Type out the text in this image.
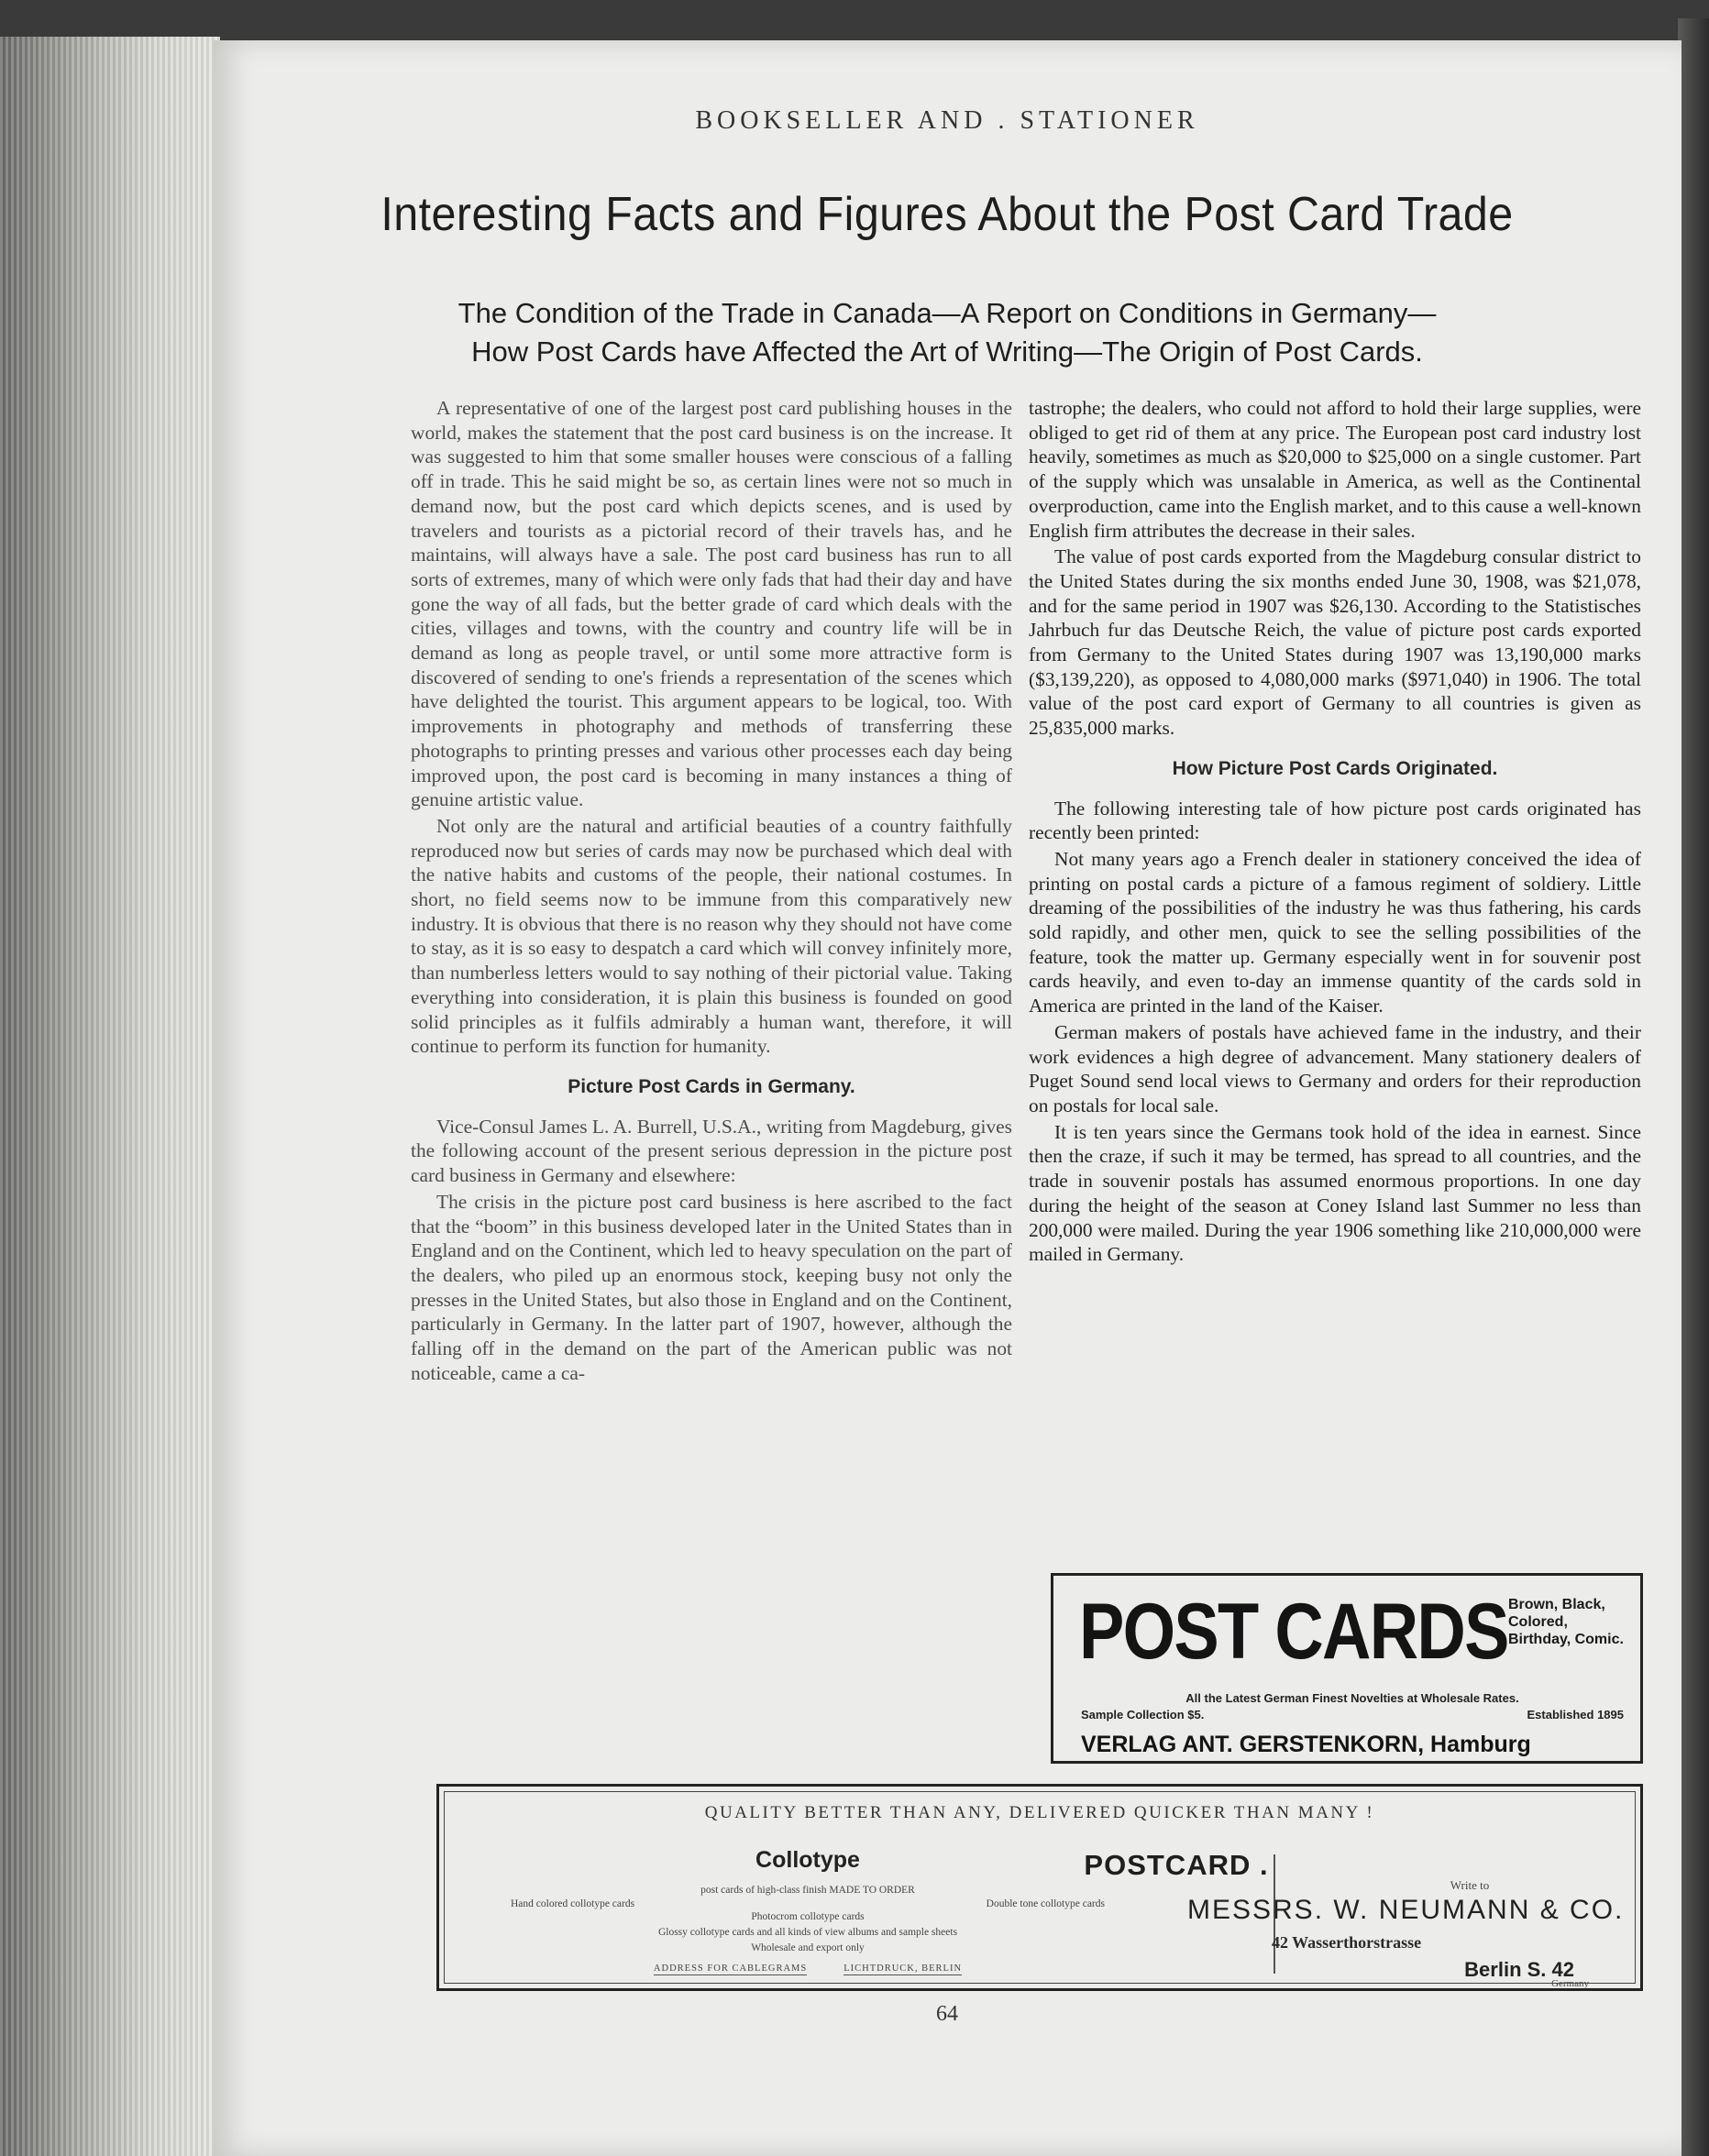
BOOKSELLER AND . STATIONER
Interesting Facts and Figures About the Post Card Trade
The Condition of the Trade in Canada—A Report on Conditions in Germany—
How Post Cards have Affected the Art of Writing—The Origin of Post Cards.

A representative of one of the largest post card publishing houses in the world, makes the statement that the post card business is on the increase. It was suggested to him that some smaller houses were conscious of a falling off in trade. This he said might be so, as certain lines were not so much in demand now, but the post card which depicts scenes, and is used by travelers and tourists as a pictorial record of their travels has, and he maintains, will always have a sale. The post card business has run to all sorts of extremes, many of which were only fads that had their day and have gone the way of all fads, but the better grade of card which deals with the cities, villages and towns, with the country and country life will be in demand as long as people travel, or until some more attractive form is discovered of sending to one's friends a representation of the scenes which have delighted the tourist. This argument appears to be logical, too. With improvements in photography and methods of transferring these photographs to printing presses and various other processes each day being improved upon, the post card is becoming in many instances a thing of genuine artistic value.

Not only are the natural and artificial beauties of a country faithfully reproduced now but series of cards may now be purchased which deal with the native habits and customs of the people, their national costumes. In short, no field seems now to be immune from this comparatively new industry. It is obvious that there is no reason why they should not have come to stay, as it is so easy to despatch a card which will convey infinitely more, than numberless letters would to say nothing of their pictorial value. Taking everything into consideration, it is plain this business is founded on good solid principles as it fulfils admirably a human want, therefore, it will continue to perform its function for humanity.

Picture Post Cards in Germany.

Vice-Consul James L. A. Burrell, U.S.A., writing from Magdeburg, gives the following account of the present serious depression in the picture post card business in Germany and elsewhere:

The crisis in the picture post card business is here ascribed to the fact that the “boom” in this business developed later in the United States than in England and on the Continent, which led to heavy speculation on the part of the dealers, who piled up an enormous stock, keeping busy not only the presses in the United States, but also those in England and on the Continent, particularly in Germany. In the latter part of 1907, however, although the falling off in the demand on the part of the American public was not noticeable, came a ca-

tastrophe; the dealers, who could not afford to hold their large supplies, were obliged to get rid of them at any price. The European post card industry lost heavily, sometimes as much as $20,000 to $25,000 on a single customer. Part of the supply which was unsalable in America, as well as the Continental overproduction, came into the English market, and to this cause a well-known English firm attributes the decrease in their sales.

The value of post cards exported from the Magdeburg consular district to the United States during the six months ended June 30, 1908, was $21,078, and for the same period in 1907 was $26,130. According to the Statistisches Jahrbuch fur das Deutsche Reich, the value of picture post cards exported from Germany to the United States during 1907 was 13,190,000 marks ($3,139,220), as opposed to 4,080,000 marks ($971,040) in 1906. The total value of the post card export of Germany to all countries is given as 25,835,000 marks.

How Picture Post Cards Originated.

The following interesting tale of how picture post cards originated has recently been printed:

Not many years ago a French dealer in stationery conceived the idea of printing on postal cards a picture of a famous regiment of soldiery. Little dreaming of the possibilities of the industry he was thus fathering, his cards sold rapidly, and other men, quick to see the selling possibilities of the feature, took the matter up. Germany especially went in for souvenir post cards heavily, and even to-day an immense quantity of the cards sold in America are printed in the land of the Kaiser.

German makers of postals have achieved fame in the industry, and their work evidences a high degree of advancement. Many stationery dealers of Puget Sound send local views to Germany and orders for their reproduction on postals for local sale.

It is ten years since the Germans took hold of the idea in earnest. Since then the craze, if such it may be termed, has spread to all countries, and the trade in souvenir postals has assumed enormous proportions. In one day during the height of the season at Coney Island last Summer no less than 200,000 were mailed. During the year 1906 something like 210,000,000 were mailed in Germany.

POST CARDS Brown, Black, Colored, Birthday, Comic.
All the Latest German Finest Novelties at Wholesale Rates.
Sample Collection $5.	Established 1895
VERLAG ANT. GERSTENKORN, Hamburg
QUALITY BETTER THAN ANY, DELIVERED QUICKER THAN MANY !
POSTCARD .
Collotype
post cards of high-class finish MADE TO ORDER
Hand colored collotype cards	Double tone collotype cards
Photocrom collotype cards
Glossy collotype cards and all kinds of view albums and sample sheets
Wholesale and export only
ADDRESS FOR CABLEGRAMS	LICHTDRUCK, BERLIN
Write to
MESSRS. W. NEUMANN & CO.
42 Wasserthorstrasse
Berlin S. 42
Germany
64
